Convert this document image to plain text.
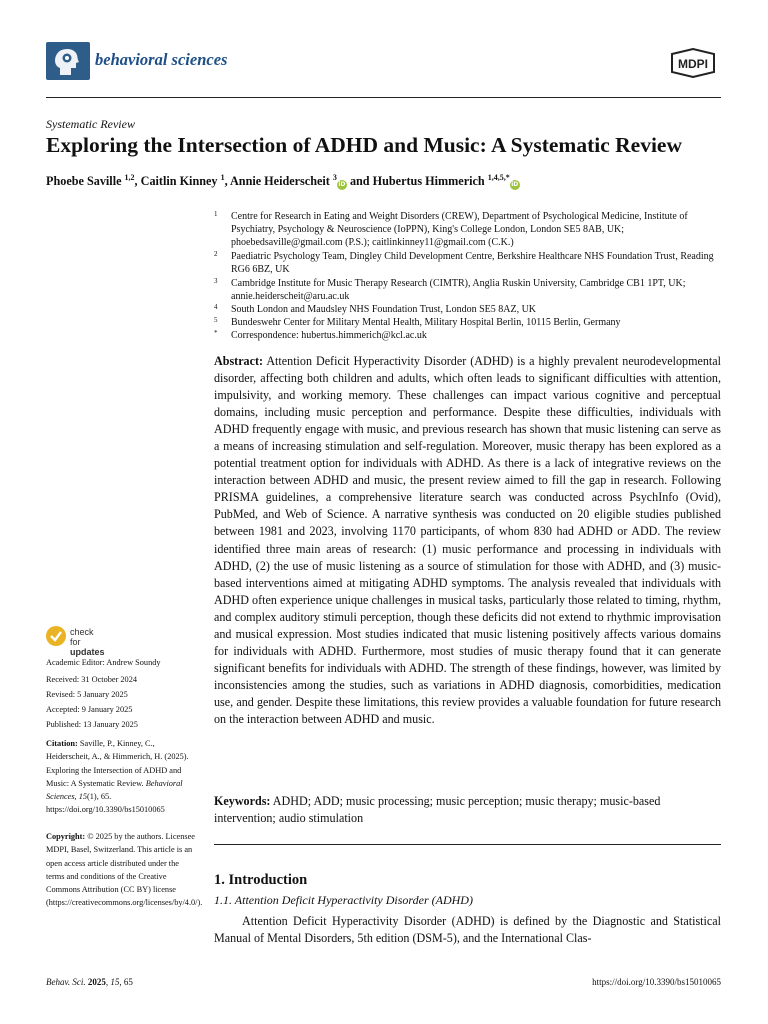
behavioral sciences	MDPI
Systematic Review
Exploring the Intersection of ADHD and Music: A Systematic Review
Phoebe Saville $^{1,2}$, Caitlin Kinney $^1$, Annie Heiderscheit $^3$iD and Hubertus Himmerich $^{1,4,5,*}$iD
1 Centre for Research in Eating and Weight Disorders (CREW), Department of Psychological Medicine, Institute of Psychiatry, Psychology & Neuroscience (IoPPN), King's College London, London SE5 8AB, UK; phoebedsaville@gmail.com (P.S.); caitlinkinney11@gmail.com (C.K.)
2 Paediatric Psychology Team, Dingley Child Development Centre, Berkshire Healthcare NHS Foundation Trust, Reading RG6 6BZ, UK
3 Cambridge Institute for Music Therapy Research (CIMTR), Anglia Ruskin University, Cambridge CB1 1PT, UK; annie.heiderscheit@aru.ac.uk
4 South London and Maudsley NHS Foundation Trust, London SE5 8AZ, UK
5 Bundeswehr Center for Military Mental Health, Military Hospital Berlin, 10115 Berlin, Germany
* Correspondence: hubertus.himmerich@kcl.ac.uk
Abstract: Attention Deficit Hyperactivity Disorder (ADHD) is a highly prevalent neurodevelopmental disorder, affecting both children and adults, which often leads to significant difficulties with attention, impulsivity, and working memory. These challenges can impact various cognitive and perceptual domains, including music perception and performance. Despite these difficulties, individuals with ADHD frequently engage with music, and previous research has shown that music listening can serve as a means of increasing stimulation and self-regulation. Moreover, music therapy has been explored as a potential treatment option for individuals with ADHD. As there is a lack of integrative reviews on the interaction between ADHD and music, the present review aimed to fill the gap in research. Following PRISMA guidelines, a comprehensive literature search was conducted across PsychInfo (Ovid), PubMed, and Web of Science. A narrative synthesis was conducted on 20 eligible studies published between 1981 and 2023, involving 1170 participants, of whom 830 had ADHD or ADD. The review identified three main areas of research: (1) music performance and processing in individuals with ADHD, (2) the use of music listening as a source of stimulation for those with ADHD, and (3) music-based interventions aimed at mitigating ADHD symptoms. The analysis revealed that individuals with ADHD often experience unique challenges in musical tasks, particularly those related to timing, rhythm, and complex auditory stimuli perception, though these deficits did not extend to rhythmic improvisation and musical expression. Most studies indicated that music listening positively affects various domains for individuals with ADHD. Furthermore, most studies of music therapy found that it can generate significant benefits for individuals with ADHD. The strength of these findings, however, was limited by inconsistencies among the studies, such as variations in ADHD diagnosis, comorbidities, medication use, and gender. Despite these limitations, this review provides a valuable foundation for future research on the interaction between ADHD and music.
Keywords: ADHD; ADD; music processing; music perception; music therapy; music-based intervention; audio stimulation
1. Introduction
1.1. Attention Deficit Hyperactivity Disorder (ADHD)
Attention Deficit Hyperactivity Disorder (ADHD) is defined by the Diagnostic and Statistical Manual of Mental Disorders, 5th edition (DSM-5), and the International Clas-
check for
updates
Academic Editor: Andrew Soundy
Received: 31 October 2024
Revised: 5 January 2025
Accepted: 9 January 2025
Published: 13 January 2025
Citation: Saville, P., Kinney, C., Heiderscheit, A., & Himmerich, H. (2025). Exploring the Intersection of ADHD and Music: A Systematic Review. Behavioral Sciences, 15(1), 65. https://doi.org/10.3390/bs15010065
Copyright: © 2025 by the authors. Licensee MDPI, Basel, Switzerland. This article is an open access article distributed under the terms and conditions of the Creative Commons Attribution (CC BY) license (https://creativecommons.org/licenses/by/4.0/).
Behav. Sci. 2025, 15, 65	https://doi.org/10.3390/bs15010065
